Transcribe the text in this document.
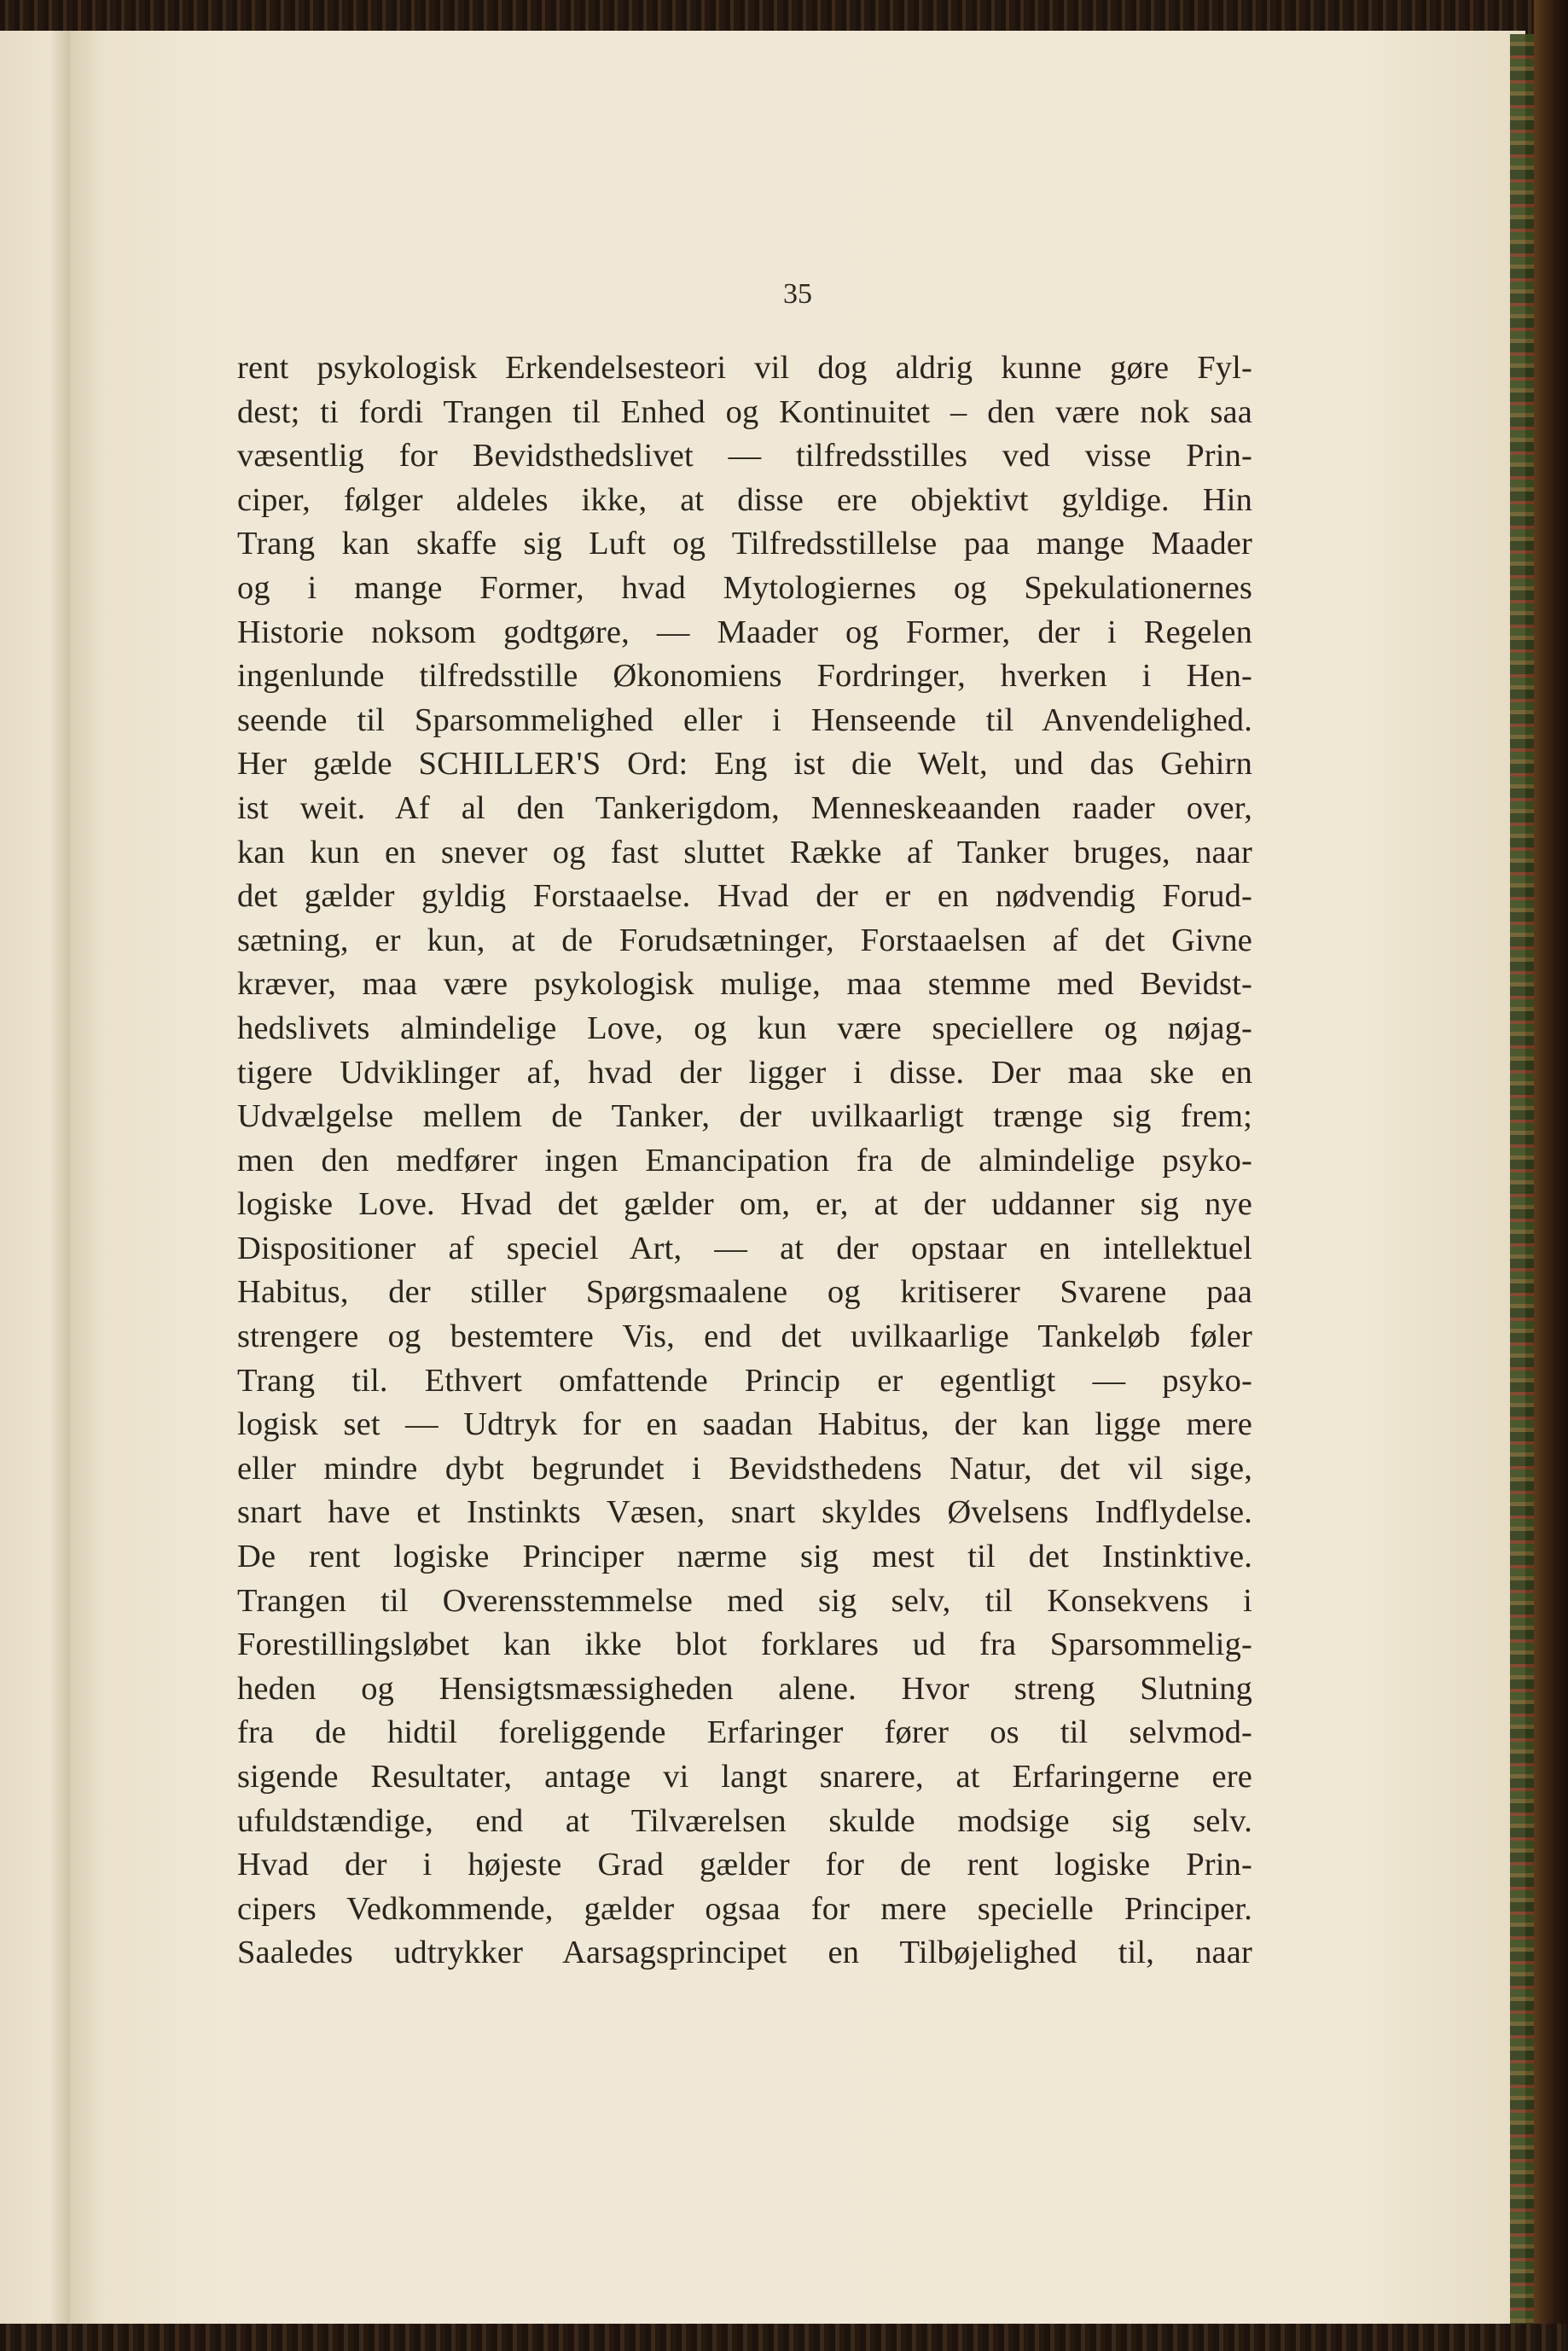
35

rent psykologisk Erkendelsesteori vil dog aldrig kunne gøre Fyl-
dest; ti fordi Trangen til Enhed og Kontinuitet – den være nok saa
væsentlig for Bevidsthedslivet — tilfredsstilles ved visse Prin-
ciper, følger aldeles ikke, at disse ere objektivt gyldige. Hin
Trang kan skaffe sig Luft og Tilfredsstillelse paa mange Maader
og i mange Former, hvad Mytologiernes og Spekulationernes
Historie noksom godtgøre, — Maader og Former, der i Regelen
ingenlunde tilfredsstille Økonomiens Fordringer, hverken i Hen-
seende til Sparsommelighed eller i Henseende til Anvendelighed.
Her gælde SCHILLER'S Ord: Eng ist die Welt, und das Gehirn
ist weit. Af al den Tankerigdom, Menneskeaanden raader over,
kan kun en snever og fast sluttet Række af Tanker bruges, naar
det gælder gyldig Forstaaelse. Hvad der er en nødvendig Forud-
sætning, er kun, at de Forudsætninger, Forstaaelsen af det Givne
kræver, maa være psykologisk mulige, maa stemme med Bevidst-
hedslivets almindelige Love, og kun være speciellere og nøjag-
tigere Udviklinger af, hvad der ligger i disse. Der maa ske en
Udvælgelse mellem de Tanker, der uvilkaarligt trænge sig frem;
men den medfører ingen Emancipation fra de almindelige psyko-
logiske Love. Hvad det gælder om, er, at der uddanner sig nye
Dispositioner af speciel Art, — at der opstaar en intellektuel
Habitus, der stiller Spørgsmaalene og kritiserer Svarene paa
strengere og bestemtere Vis, end det uvilkaarlige Tankeløb føler
Trang til. Ethvert omfattende Princip er egentligt — psyko-
logisk set — Udtryk for en saadan Habitus, der kan ligge mere
eller mindre dybt begrundet i Bevidsthedens Natur, det vil sige,
snart have et Instinkts Væsen, snart skyldes Øvelsens Indflydelse.
De rent logiske Principer nærme sig mest til det Instinktive.
Trangen til Overensstemmelse med sig selv, til Konsekvens i
Forestillingsløbet kan ikke blot forklares ud fra Sparsommelig-
heden og Hensigtsmæssigheden alene. Hvor streng Slutning
fra de hidtil foreliggende Erfaringer fører os til selvmod-
sigende Resultater, antage vi langt snarere, at Erfaringerne ere
ufuldstændige, end at Tilværelsen skulde modsige sig selv.
Hvad der i højeste Grad gælder for de rent logiske Prin-
cipers Vedkommende, gælder ogsaa for mere specielle Principer.
Saaledes udtrykker Aarsagsprincipet en Tilbøjelighed til, naar
